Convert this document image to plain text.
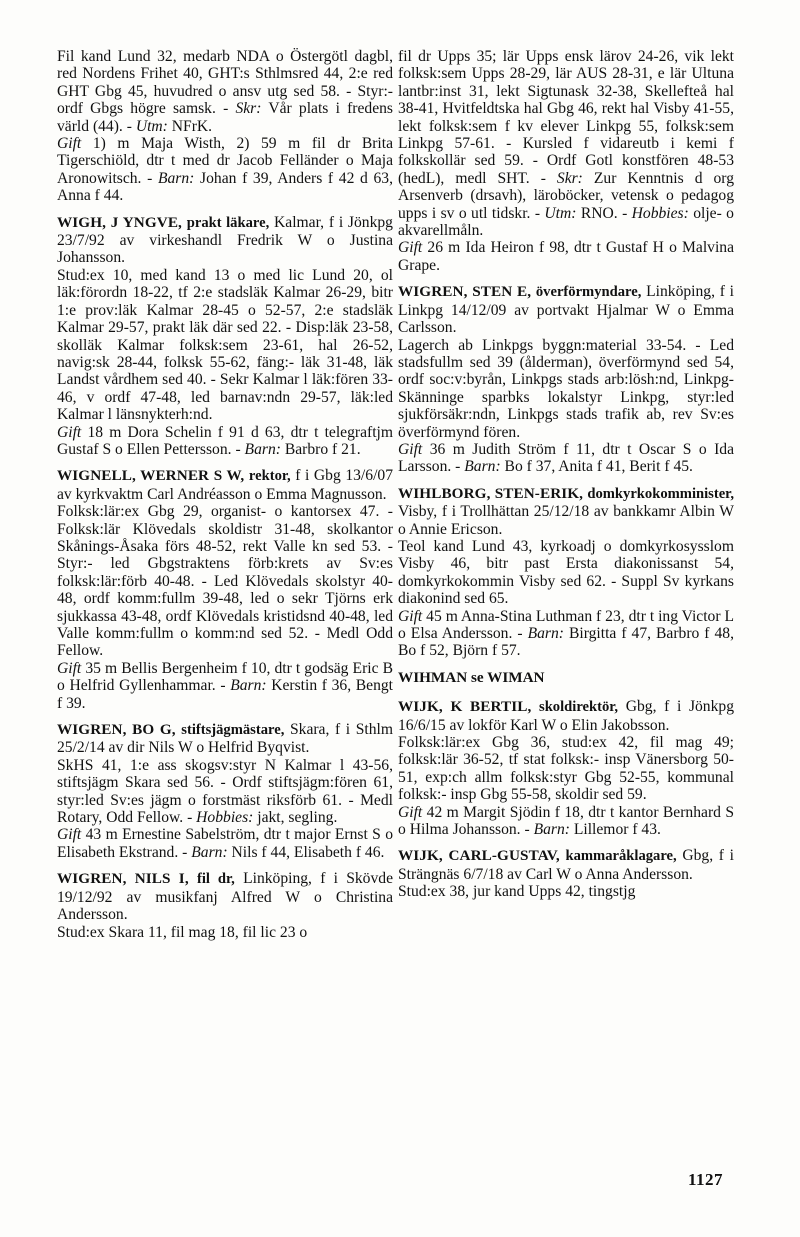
Fil kand Lund 32, medarb NDA o Östergötl dagbl, red Nordens Frihet 40, GHT:s Sthlmsred 44, 2:e red GHT Gbg 45, huvudred o ansv utg sed 58. - Styr:- ordf Gbgs högre samsk. - Skr: Vår plats i fredens värld (44). - Utm: NFrK.

Gift 1) m Maja Wisth, 2) 59 m fil dr Brita Tigerschiöld, dtr t med dr Jacob Felländer o Maja Aronowitsch. - Barn: Johan f 39, Anders f 42 d 63, Anna f 44.

WIGH, J YNGVE, prakt läkare, Kalmar, f i Jönkpg 23/7/92 av virkeshandl Fredrik W o Justina Johansson.

Stud:ex 10, med kand 13 o med lic Lund 20, ol läk:förordn 18-22, tf 2:e stadsläk Kalmar 26-29, bitr 1:e prov:läk Kalmar 28-45 o 52-57, 2:e stadsläk Kalmar 29-57, prakt läk där sed 22. - Disp:läk 23-58, skolläk Kalmar folksk:sem 23-61, hal 26-52, navig:sk 28-44, folksk 55-62, fäng:- läk 31-48, läk Landst vårdhem sed 40. - Sekr Kalmar l läk:fören 33-46, v ordf 47-48, led barnav:ndn 29-57, läk:led Kalmar l länsnykterh:nd.

Gift 18 m Dora Schelin f 91 d 63, dtr t telegraftjm Gustaf S o Ellen Pettersson. - Barn: Barbro f 21.

WIGNELL, WERNER S W, rektor, f i Gbg 13/6/07 av kyrkvaktm Carl Andréasson o Emma Magnusson.

Folksk:lär:ex Gbg 29, organist- o kantorsex 47. - Folksk:lär Klövedals skoldistr 31-48, skolkantor Skånings-Åsaka förs 48-52, rekt Valle kn sed 53. - Styr:- led Gbgstraktens förb:krets av Sv:es folksk:lär:förb 40-48. - Led Klövedals skolstyr 40-48, ordf komm:fullm 39-48, led o sekr Tjörns erk sjukkassa 43-48, ordf Klövedals kristidsnd 40-48, led Valle komm:fullm o komm:nd sed 52. - Medl Odd Fellow.

Gift 35 m Bellis Bergenheim f 10, dtr t godsäg Eric B o Helfrid Gyllenhammar. - Barn: Kerstin f 36, Bengt f 39.

WIGREN, BO G, stiftsjägmästare, Skara, f i Sthlm 25/2/14 av dir Nils W o Helfrid Byqvist.

SkHS 41, 1:e ass skogsv:styr N Kalmar l 43-56, stiftsjägm Skara sed 56. - Ordf stiftsjägm:fören 61, styr:led Sv:es jägm o forstmäst riksförb 61. - Medl Rotary, Odd Fellow. - Hobbies: jakt, segling.

Gift 43 m Ernestine Sabelström, dtr t major Ernst S o Elisabeth Ekstrand. - Barn: Nils f 44, Elisabeth f 46.

WIGREN, NILS I, fil dr, Linköping, f i Skövde 19/12/92 av musikfanj Alfred W o Christina Andersson.

Stud:ex Skara 11, fil mag 18, fil lic 23 o

fil dr Upps 35; lär Upps ensk lärov 24-26, vik lekt folksk:sem Upps 28-29, lär AUS 28-31, e lär Ultuna lantbr:inst 31, lekt Sigtunask 32-38, Skellefteå hal 38-41, Hvitfeldtska hal Gbg 46, rekt hal Visby 41-55, lekt folksk:sem f kv elever Linkpg 55, folksk:sem Linkpg 57-61. - Kursled f vidareutb i kemi f folkskollär sed 59. - Ordf Gotl konstfören 48-53 (hedL), medl SHT. - Skr: Zur Kenntnis d org Arsenverb (drsavh), läroböcker, vetensk o pedagog upps i sv o utl tidskr. - Utm: RNO. - Hobbies: olje- o akvarellmåln.

Gift 26 m Ida Heiron f 98, dtr t Gustaf H o Malvina Grape.

WIGREN, STEN E, överförmyndare, Linköping, f i Linkpg 14/12/09 av portvakt Hjalmar W o Emma Carlsson.

Lagerch ab Linkpgs byggn:material 33-54. - Led stadsfullm sed 39 (ålderman), överförmynd sed 54, ordf soc:v:byrån, Linkpgs stads arb:lösh:nd, Linkpg-Skänninge sparbks lokalstyr Linkpg, styr:led sjukförsäkr:ndn, Linkpgs stads trafik ab, rev Sv:es överförmynd fören.

Gift 36 m Judith Ström f 11, dtr t Oscar S o Ida Larsson. - Barn: Bo f 37, Anita f 41, Berit f 45.

WIHLBORG, STEN-ERIK, domkyrkokomminister, Visby, f i Trollhättan 25/12/18 av bankkamr Albin W o Annie Ericson.

Teol kand Lund 43, kyrkoadj o domkyrkosysslom Visby 46, bitr past Ersta diakonissanst 54, domkyrkokommin Visby sed 62. - Suppl Sv kyrkans diakonind sed 65.

Gift 45 m Anna-Stina Luthman f 23, dtr t ing Victor L o Elsa Andersson. - Barn: Birgitta f 47, Barbro f 48, Bo f 52, Björn f 57.

WIHMAN se WIMAN

WIJK, K BERTIL, skoldirektör, Gbg, f i Jönkpg 16/6/15 av lokför Karl W o Elin Jakobsson.

Folksk:lär:ex Gbg 36, stud:ex 42, fil mag 49; folksk:lär 36-52, tf stat folksk:- insp Vänersborg 50-51, exp:ch allm folksk:styr Gbg 52-55, kommunal folksk:- insp Gbg 55-58, skoldir sed 59.

Gift 42 m Margit Sjödin f 18, dtr t kantor Bernhard S o Hilma Johansson. - Barn: Lillemor f 43.

WIJK, CARL-GUSTAV, kammaråklagare, Gbg, f i Strängnäs 6/7/18 av Carl W o Anna Andersson.

Stud:ex 38, jur kand Upps 42, tingstjg

1127
